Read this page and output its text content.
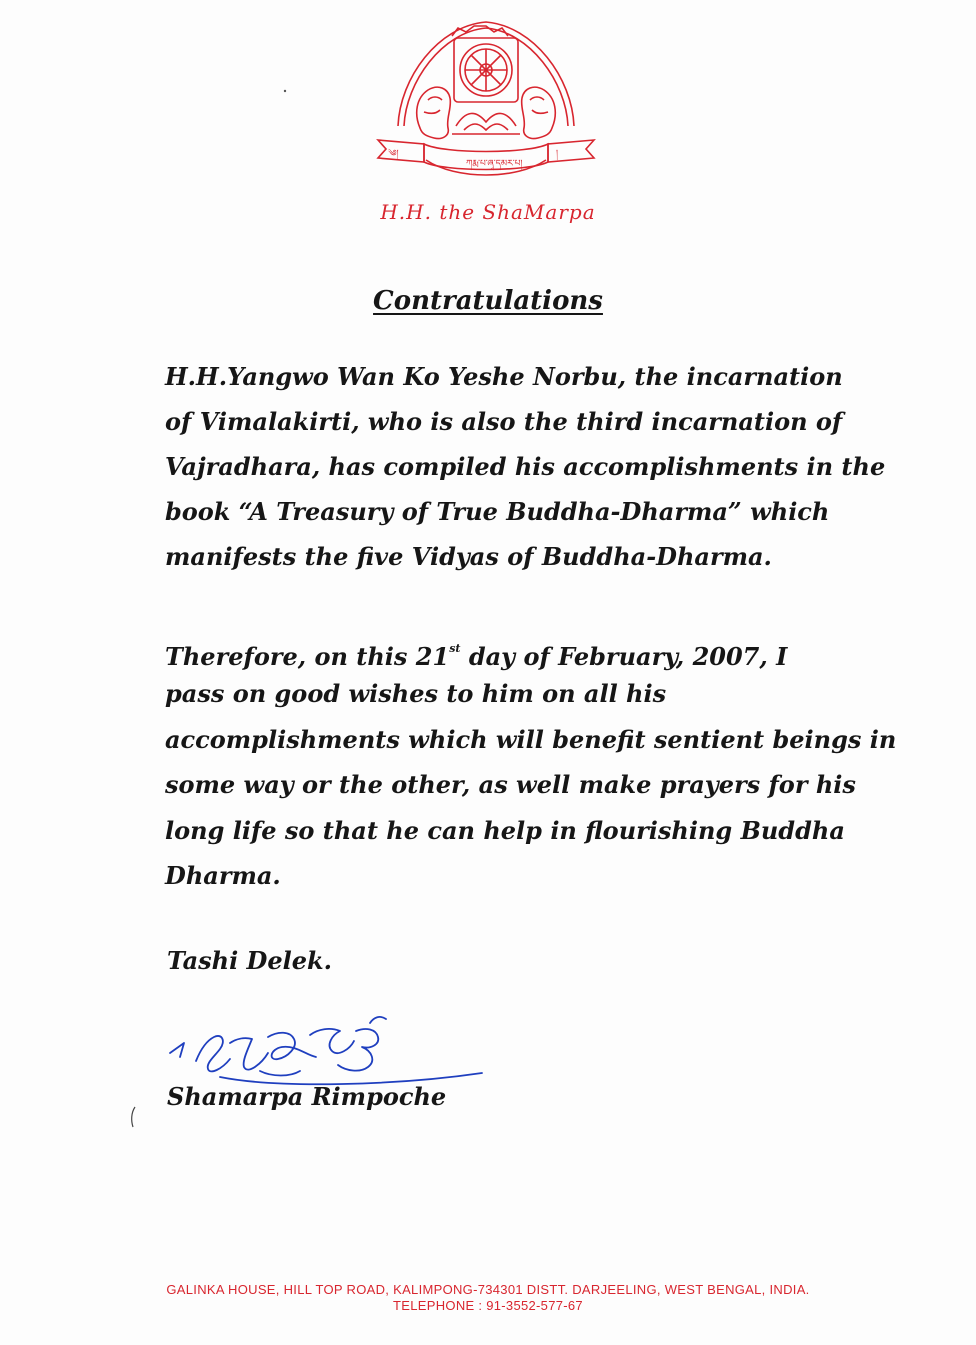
༄།
ཀརྨ་པ་ཞྭ་དམར་པ།
།
H.H. the ShaMarpa
Contratulations
H.H.Yangwo Wan Ko Yeshe Norbu, the incarnation
of Vimalakirti, who is also the third incarnation of
Vajradhara, has compiled his accomplishments in the
book “A Treasury of True Buddha-Dharma” which
manifests the five Vidyas of Buddha-Dharma.
Therefore, on this 21st day of February, 2007, I
pass on good wishes to him on all his
accomplishments which will benefit sentient beings in
some way or the other, as well make prayers for his
long life so that he can help in flourishing Buddha
Dharma.
Tashi Delek.
Shamarpa Rimpoche
GALINKA HOUSE, HILL TOP ROAD, KALIMPONG-734301 DISTT. DARJEELING, WEST BENGAL, INDIA.
TELEPHONE : 91-3552-577-67
